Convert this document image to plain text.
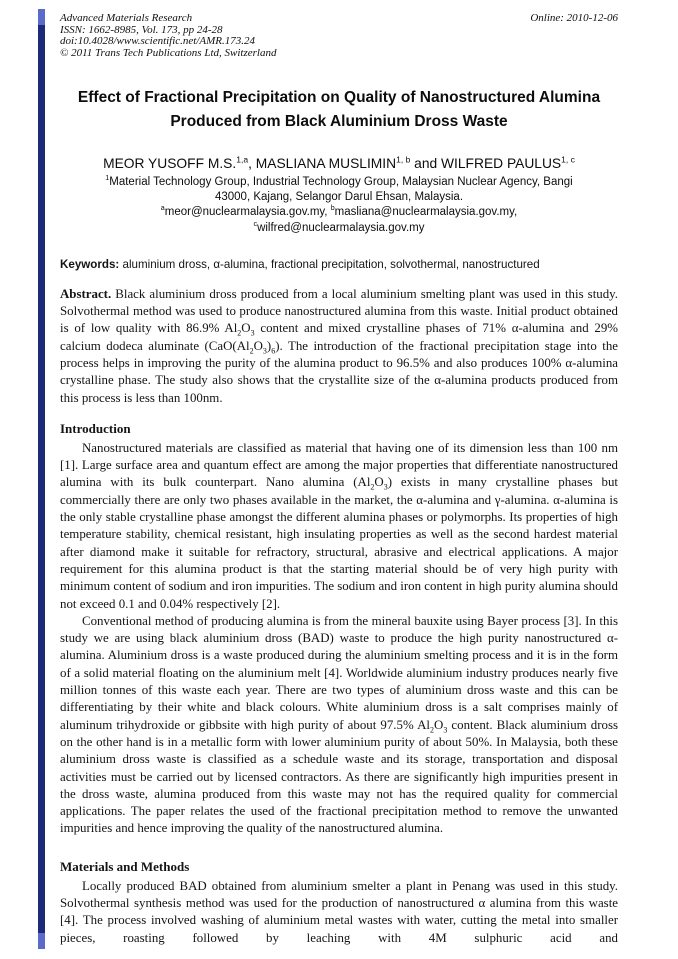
Advanced Materials Research	Online: 2010-12-06
ISSN: 1662-8985, Vol. 173, pp 24-28
doi:10.4028/www.scientific.net/AMR.173.24
© 2011 Trans Tech Publications Ltd, Switzerland
Effect of Fractional Precipitation on Quality of Nanostructured Alumina
Produced from Black Aluminium Dross Waste
MEOR YUSOFF M.S.$^{1,a}$, MASLIANA MUSLIMIN$^{1, b}$ and WILFRED PAULUS$^{1, c}$
$^1$Material Technology Group, Industrial Technology Group, Malaysian Nuclear Agency, Bangi
43000, Kajang, Selangor Darul Ehsan, Malaysia.
$^a$meor@nuclearmalaysia.gov.my, $^b$masliana@nuclearmalaysia.gov.my,
$^c$wilfred@nuclearmalaysia.gov.my
Keywords: aluminium dross, α-alumina, fractional precipitation, solvothermal, nanostructured

Abstract. Black aluminium dross produced from a local aluminium smelting plant was used in this study. Solvothermal method was used to produce nanostructured alumina from this waste. Initial product obtained is of low quality with 86.9% $Al_2O_3$ content and mixed crystalline phases of 71% α-alumina and 29% calcium dodeca aluminate $(CaO(Al_2O_3)_6)$. The introduction of the fractional precipitation stage into the process helps in improving the purity of the alumina product to 96.5% and also produces 100% α-alumina crystalline phase. The study also shows that the crystallite size of the α-alumina products produced from this process is less than 100nm.

Introduction

Nanostructured materials are classified as material that having one of its dimension less than 100 nm [1]. Large surface area and quantum effect are among the major properties that differentiate nanostructured alumina with its bulk counterpart. Nano alumina $(Al_2O_3)$ exists in many crystalline phases but commercially there are only two phases available in the market, the α-alumina and γ-alumina. α-alumina is the only stable crystalline phase amongst the different alumina phases or polymorphs. Its properties of high temperature stability, chemical resistant, high insulating properties as well as the second hardest material after diamond make it suitable for refractory, structural, abrasive and electrical applications. A major requirement for this alumina product is that the starting material should be of very high purity with minimum content of sodium and iron impurities. The sodium and iron content in high purity alumina should not exceed 0.1 and 0.04% respectively [2].

Conventional method of producing alumina is from the mineral bauxite using Bayer process [3]. In this study we are using black aluminium dross (BAD) waste to produce the high purity nanostructured α-alumina. Aluminium dross is a waste produced during the aluminium smelting process and it is in the form of a solid material floating on the aluminium melt [4]. Worldwide aluminium industry produces nearly five million tonnes of this waste each year. There are two types of aluminium dross waste and this can be differentiating by their white and black colours. White aluminium dross is a salt comprises mainly of aluminum trihydroxide or gibbsite with high purity of about 97.5% $Al_2O_3$ content. Black aluminium dross on the other hand is in a metallic form with lower aluminium purity of about 50%. In Malaysia, both these aluminium dross waste is classified as a schedule waste and its storage, transportation and disposal activities must be carried out by licensed contractors. As there are significantly high impurities present in the dross waste, alumina produced from this waste may not has the required quality for commercial applications. The paper relates the used of the fractional precipitation method to remove the unwanted impurities and hence improving the quality of the nanostructured alumina.

Materials and Methods

Locally produced BAD obtained from aluminium smelter a plant in Penang was used in this study. Solvothermal synthesis method was used for the production of nanostructured α alumina from this waste [4]. The process involved washing of aluminium metal wastes with water, cutting the metal into smaller pieces, roasting followed by leaching with 4M sulphuric acid and
